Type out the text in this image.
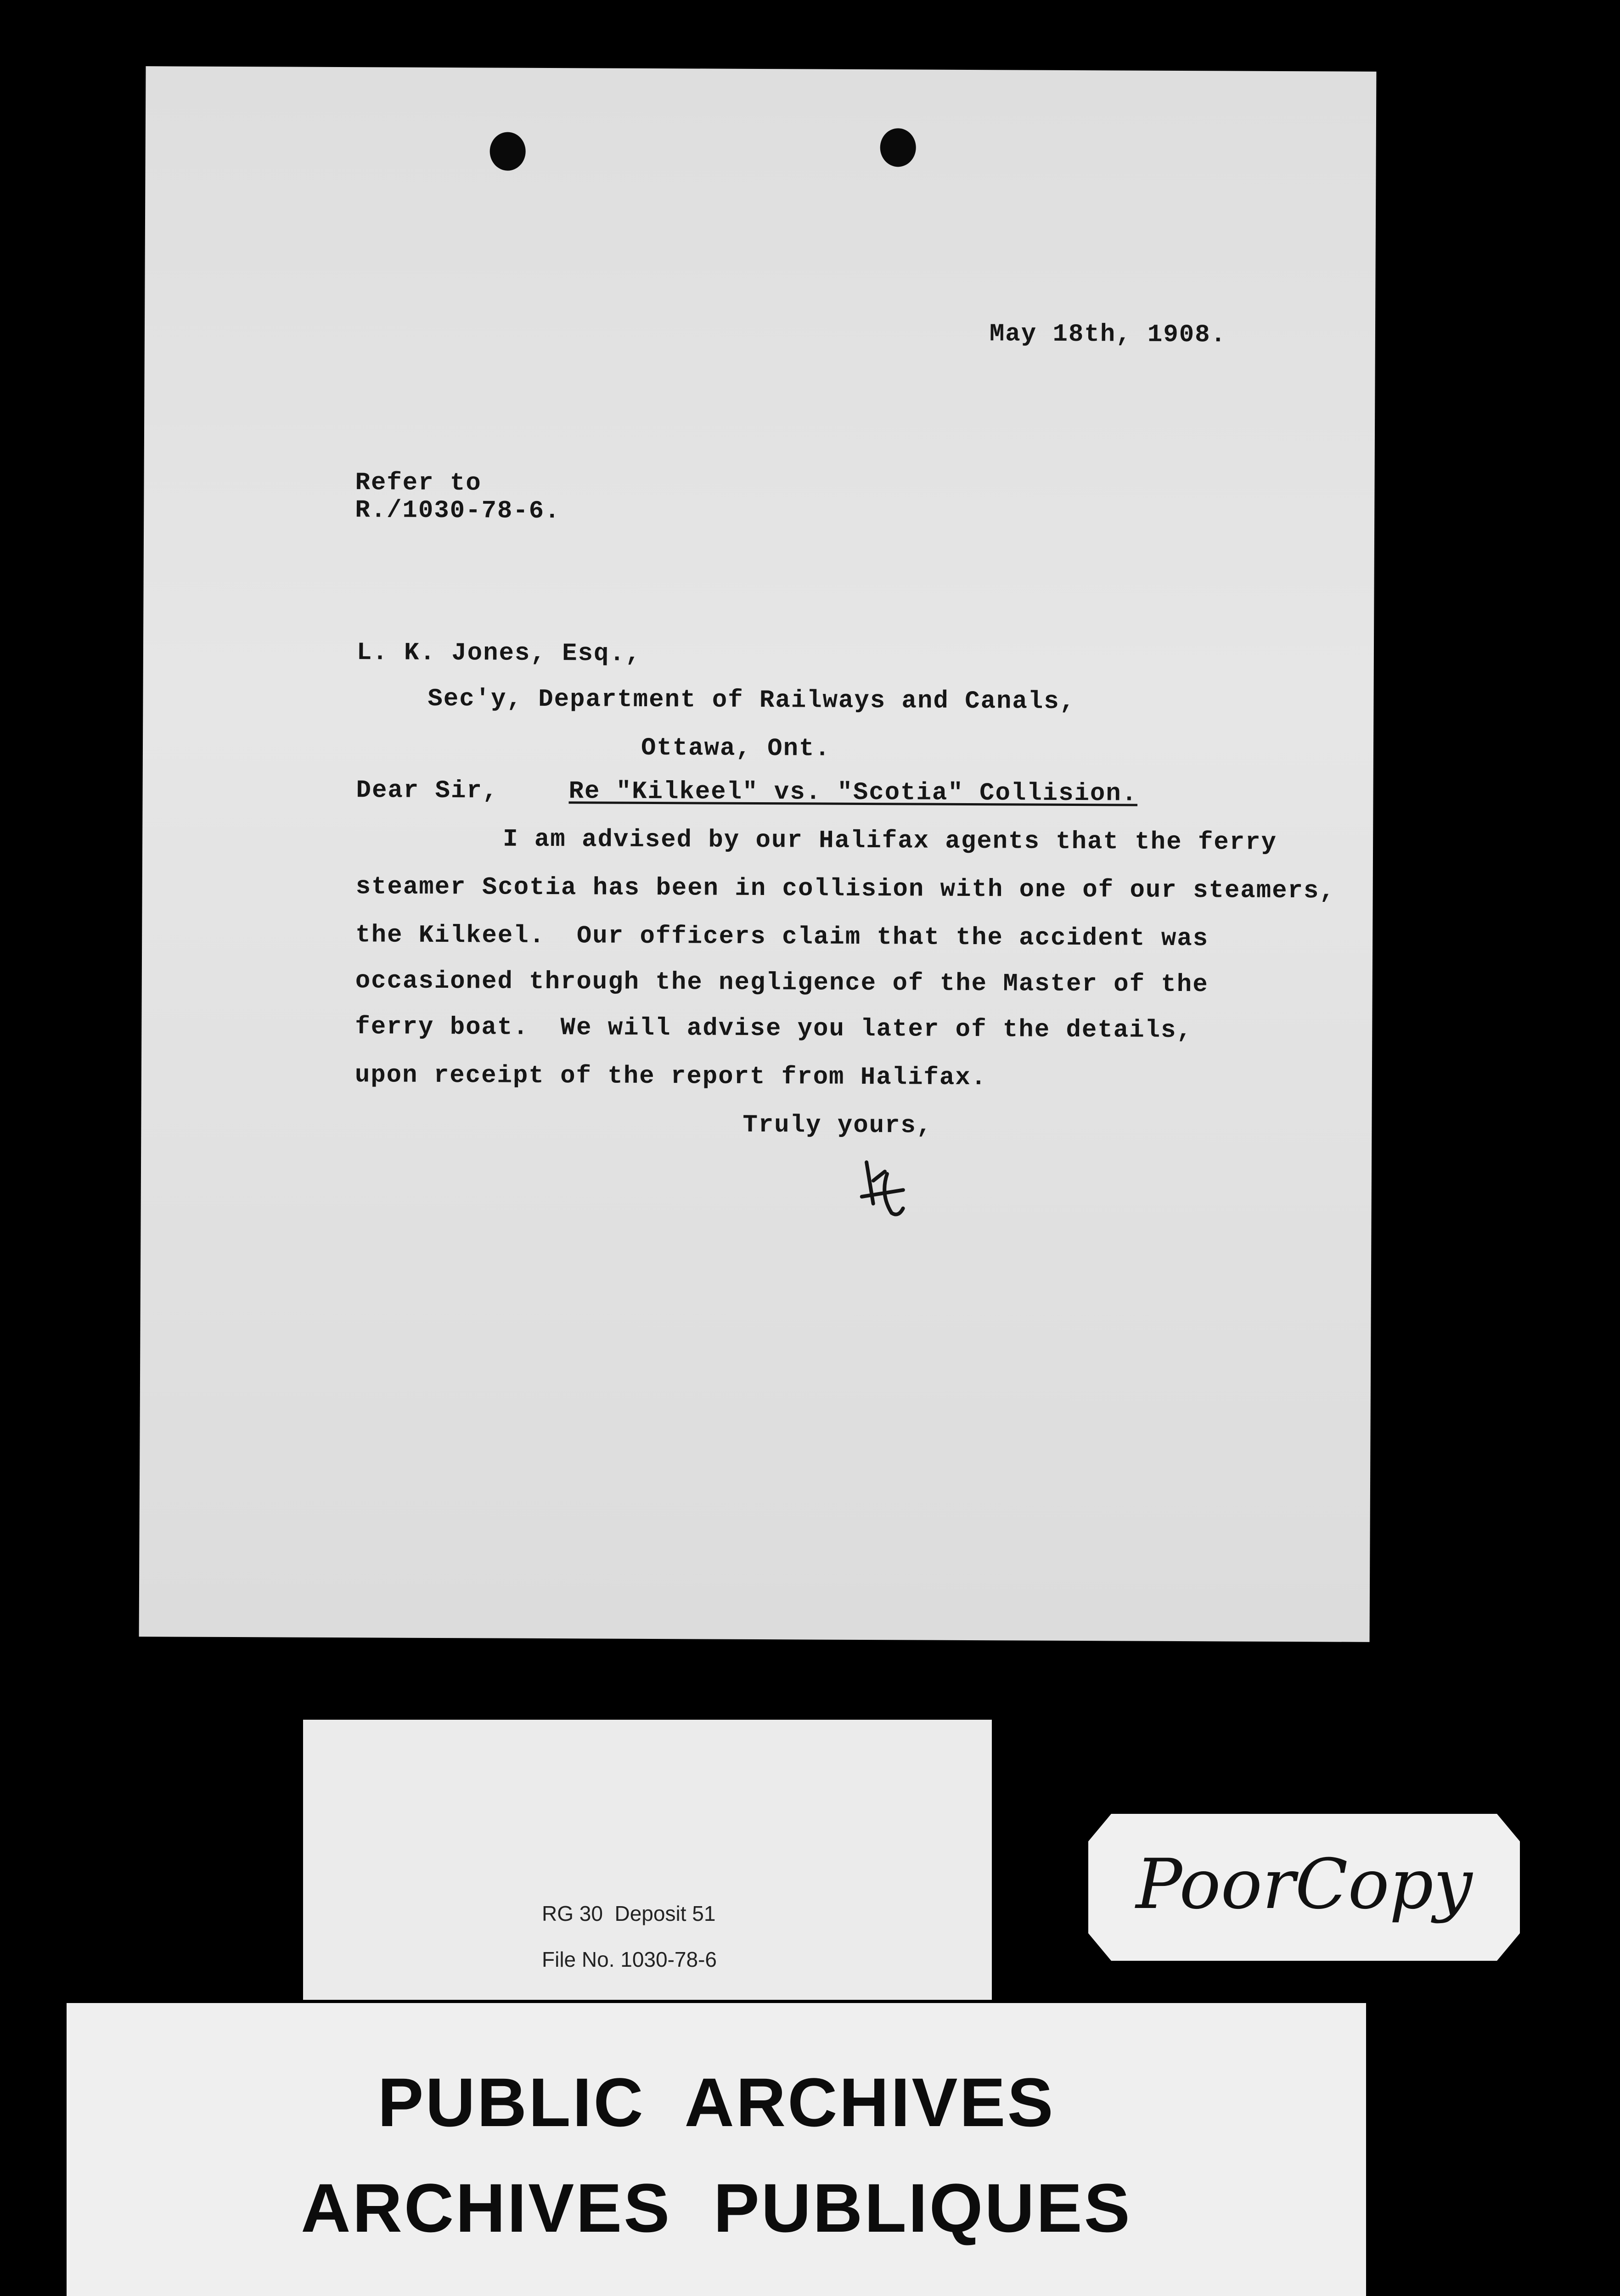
May 18th, 1908.
Refer to
R./1030-78-6.
L. K. Jones, Esq.,
Sec'y, Department of Railways and Canals,
Ottawa, Ont.
Dear Sir,	Re "Kilkeel" vs. "Scotia" Collision.
I am advised by our Halifax agents that the ferry
steamer Scotia has been in collision with one of our steamers,
the Kilkeel.  Our officers claim that the accident was
occasioned through the negligence of the Master of the
ferry boat.  We will advise you later of the details,
upon receipt of the report from Halifax.
Truly yours,
RG 30  Deposit 51
File No. 1030-78-6
PoorCopy
PUBLIC  ARCHIVES
ARCHIVES  PUBLIQUES
